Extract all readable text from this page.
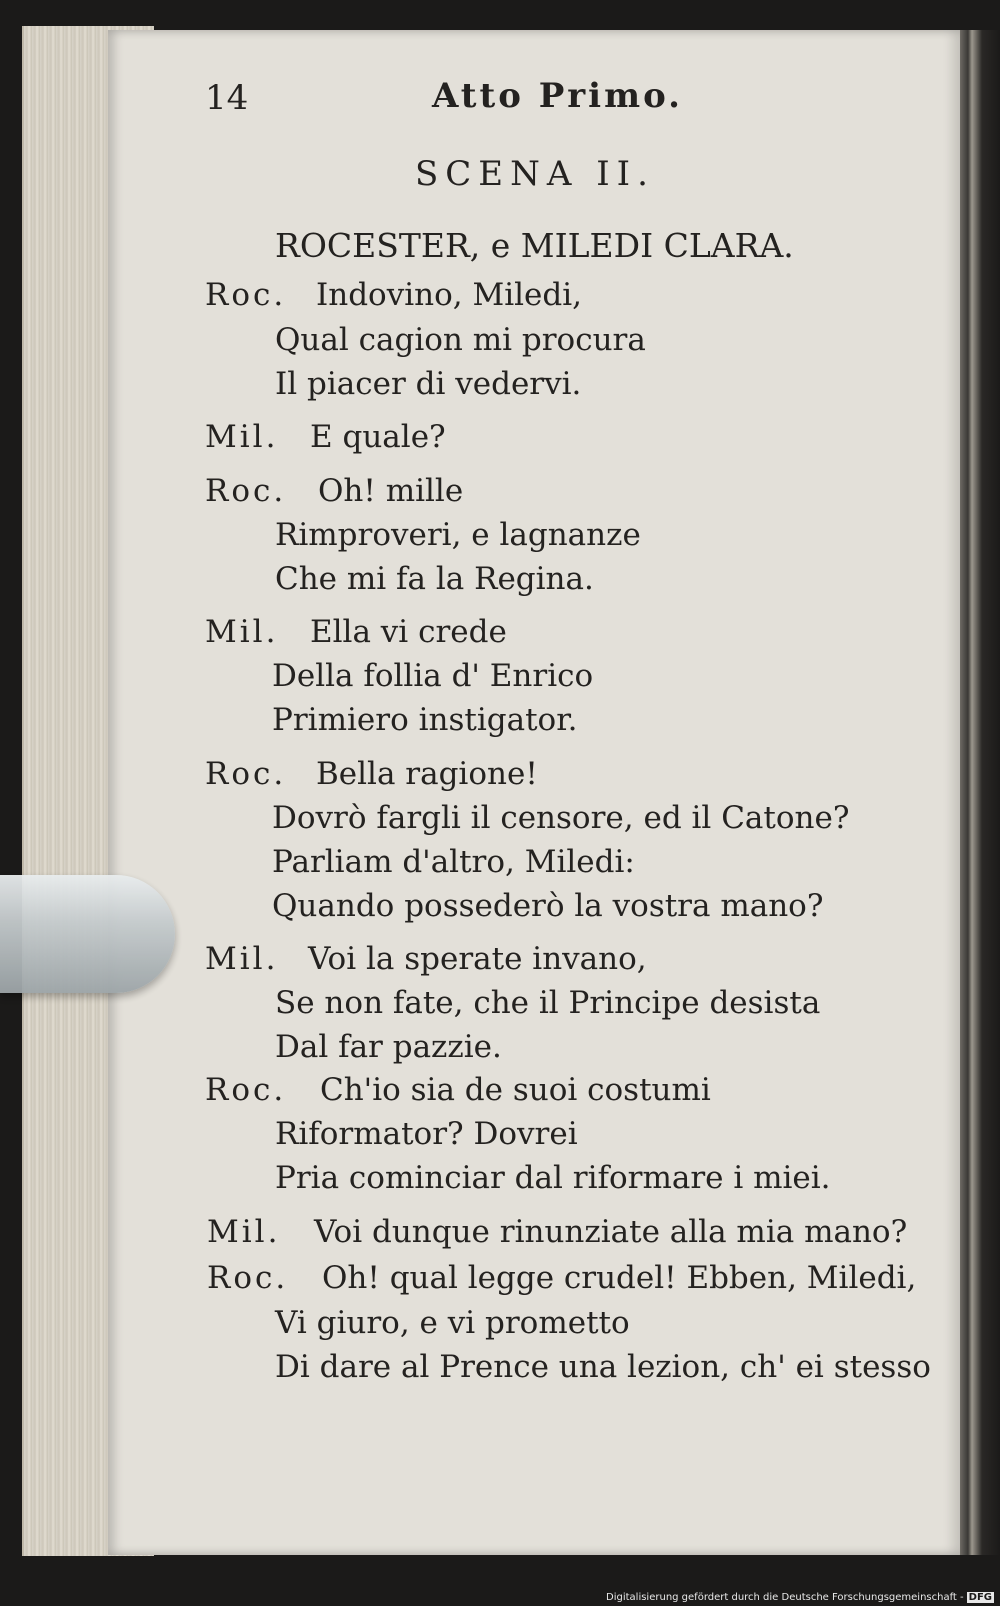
14	Atto Primo.
SCENA II.
ROCESTER, e MILEDI CLARA.
Roc. Indovino, Miledi,
Qual cagion mi procura
Il piacer di vedervi.
Mil. E quale?
Roc. Oh! mille
Rimproveri, e lagnanze
Che mi fa la Regina.
Mil. Ella vi crede
Della follia d' Enrico
Primiero instigator.
Roc. Bella ragione!
Dovrò fargli il censore, ed il Catone?
Parliam d'altro, Miledi:
Quando possederò la vostra mano?
Mil. Voi la sperate invano,
Se non fate, che il Principe desista
Dal far pazzie.
Roc. Ch'io sia de suoi costumi
Riformator? Dovrei
Pria cominciar dal riformare i miei.
Mil. Voi dunque rinunziate alla mia mano?
Roc. Oh! qual legge crudel! Ebben, Miledi,
Vi giuro, e vi prometto
Di dare al Prence una lezion, ch' ei stesso
Digitalisierung gefördert durch die Deutsche Forschungsgemeinschaft - DFG
